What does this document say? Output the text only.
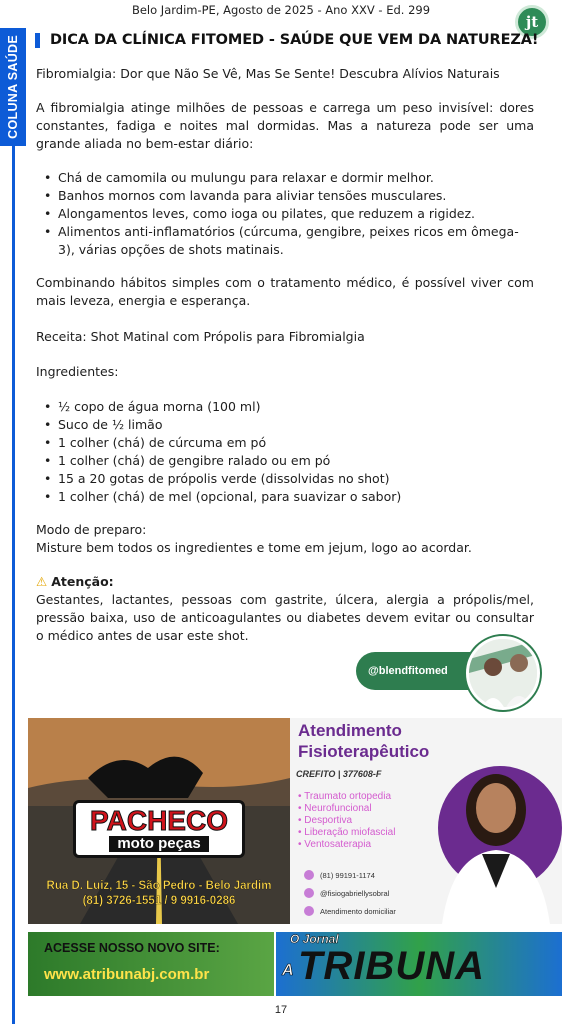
Belo Jardim-PE, Agosto de 2025 - Ano XXV - Ed. 299
jt
COLUNA SAÚDE DICA DA CLÍNICA FITOMED - SAÚDE QUE VEM DA NATUREZA!
Fibromialgia: Dor que Não Se Vê, Mas Se Sente! Descubra Alívios Naturais
A fibromialgia atinge milhões de pessoas e carrega um peso invisível: dores constantes, fadiga e noites mal dormidas. Mas a natureza pode ser uma grande aliada no bem-estar diário:
• Chá de camomila ou mulungu para relaxar e dormir melhor.
• Banhos mornos com lavanda para aliviar tensões musculares.
• Alongamentos leves, como ioga ou pilates, que reduzem a rigidez.
• Alimentos anti-inflamatórios (cúrcuma, gengibre, peixes ricos em ômega-3), várias opções de shots matinais.
Combinando hábitos simples com o tratamento médico, é possível viver com mais leveza, energia e esperança.
Receita: Shot Matinal com Própolis para Fibromialgia
Ingredientes:
• ½ copo de água morna (100 ml)
• Suco de ½ limão
• 1 colher (chá) de cúrcuma em pó
• 1 colher (chá) de gengibre ralado ou em pó
• 15 a 20 gotas de própolis verde (dissolvidas no shot)
• 1 colher (chá) de mel (opcional, para suavizar o sabor)
Modo de preparo:
Misture bem todos os ingredientes e tome em jejum, logo ao acordar.
⚠ Atenção:
Gestantes, lactantes, pessoas com gastrite, úlcera, alergia a própolis/mel, pressão baixa, uso de anticoagulantes ou diabetes devem evitar ou consultar o médico antes de usar este shot.
@blendfitomed
PACHECO
moto peças
Rua D. Luiz, 15 - São Pedro - Belo Jardim
(81) 3726-1551 / 9 9916-0286
Atendimento
Fisioterapêutico
CREFITO | 377608-F
• Traumato ortopedia
• Neurofuncional
• Desportiva
• Liberação miofascial
• Ventosaterapia
(81) 99191-1174
@fisiogabriellysobral
Atendimento domiciliar
ACESSE NOSSO NOVO SITE:
www.atribunabj.com.br
O Jornal
A TRIBUNA
17
